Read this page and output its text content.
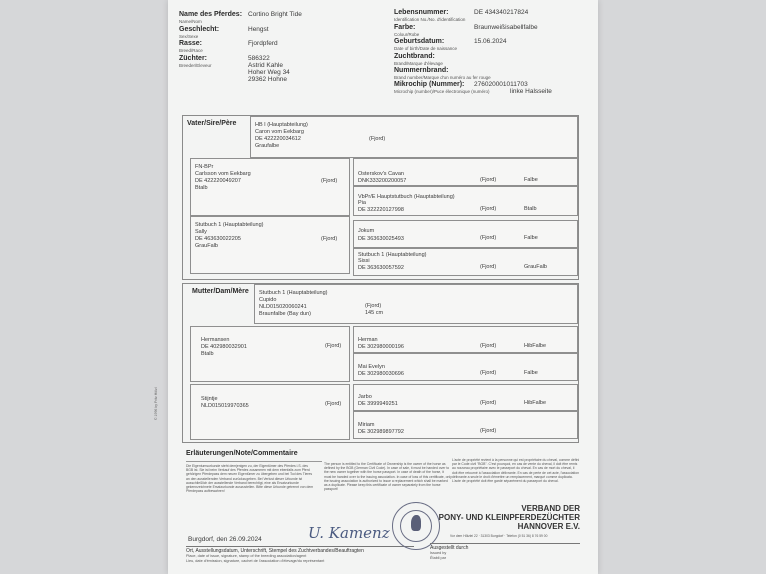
Name des Pferdes:
Name/Nom
Cortino Bright Tide
Geschlecht:
Sex/Sexe
Hengst
Rasse:
Breed/Race
Fjordpferd
Züchter:
Breeder/Eleveur
586322
Astrid Kahle
Hoher Weg 34
29362 Hohne
Lebensnummer:
Identification No./No. d'identification
DE 434340217824
Farbe:
Colour/Robe
Braunweißisabellfalbe
Geburtsdatum:
Date of birth/Date de naissance
15.06.2024
Zuchtbrand:
Brand/Marque d'élevage
Nummernbrand:
Brand number/Marque d'un numéro au fer rouge
Mikrochip (Nummer):
Microchip (number)/Puce électronique (numéro)
276020001011703
linke Halsseite
Vater/Sire/Père	HB I (Hauptabteilung)
Caron vom Eekbarg
DE 422220034612
Graufalbe
(Fjord)
FN-BPr
Carlsson vom Eekbarg
DE 422220049207
Btalb
(Fjord)
Stutbuch 1 (Hauptabteilung)
Sally
DE 463630022205
GrauFalb
(Fjord)
Osterskov's Cavan
DNK333200200057	(Fjord)	Falbe
VbPr/E Hauptstutbuch (Hauptabteilung)
Pia
DE 322220127998	(Fjord)	Btalb
Jokum
DE 363630025493	(Fjord)	Falbe
Stutbuch 1 (Hauptabteilung)
Sissi
DE 363630057592	(Fjord)	GrauFalb
Mutter/Dam/Mère Stutbuch 1 (Hauptabteilung)
Cupido
NLD015020060241
Braunfalbe (Bay dun)
(Fjord)
145 cm
Hermansen
DE 402980032901
Btalb
(Fjord)
Stijntje
NLD015019970365	(Fjord)
Herman
DE 302980000196	(Fjord)	HibFalbe
Mai Evelyn
DE 302980030696	(Fjord)	Falbe
Jarbo
DE 3999949251	(Fjord)	HibFalbe
Miriam
DE 302989897792	(Fjord)
© 1996 by Fritz Hölzl
Erläuterungen/Note/Commentaire
Die Eigentumsurkunde steht demjenigen zu, der Eigentümer des Pferdes i.S. des BGB ist. Sie ist beim Verkauf des Pferdes zusammen mit dem ebenfalls zum Pferd gehörigen Pferdepass dem neuen Eigentümer zu übergeben und bei Tod des Tieres an den ausstellenden Verband zurückzugeben. Bei Verlust dieser Urkunde ist ausschließlich der ausstellende Verband berechtigt, eine als Ersatzurkunde gekennzeichnete Ersatzurkunde auszustellen. Bitte diese Urkunde getrennt von dem Pferdepass aufbewahren!
The person is entitled to the Certificate of Ownership is the owner of the horse as defined by the BGB (German Civil Code). In case of sale, it must be handed over to the new owner together with the horse passport. In case of death of the horse, it must be handed over to the issuing association. In case of loss of this certificate, only the issuing association is authorized to issue a replacement which shall be marked as a duplicate. Please keep this certificate of owner separately from the horse passport!
L'acte de propriété revient à la personne qui est propriétaire du cheval, comme défini par le Code civil "BGB". C'est pourquoi, en cas de vente du cheval, il doit être remis au nouveau propriétaire avec le passeport du cheval. En cas de mort du cheval, il doit être retourné à l'association délivrante. En cas de perte de cet acte, l'association délivrante a seule le droit d'émettre un remplacement, marqué comme duplicata. L'acte de propriété doit être gardé séparément du passeport du cheval.
Burgdorf, den 26.09.2024	U. Kamenz
Ort, Ausstellungsdatum, Unterschrift, Stempel des Zuchtverbandes/Beauftragten
Place, date of issue, signature, stamp of the breeding association/agent
Lieu, date d'émission, signature, cachet de l'association d'élevage/du représentant
VERBAND DER
PONY- UND KLEINPFERDEZÜCHTER
HANNOVER E.V.
Vor dem Hölzlei 22 · 31303 Burgdorf · Telefon (0 51 36) 8 76 59 00
Ausgestellt durch
Issued by
Établi par
